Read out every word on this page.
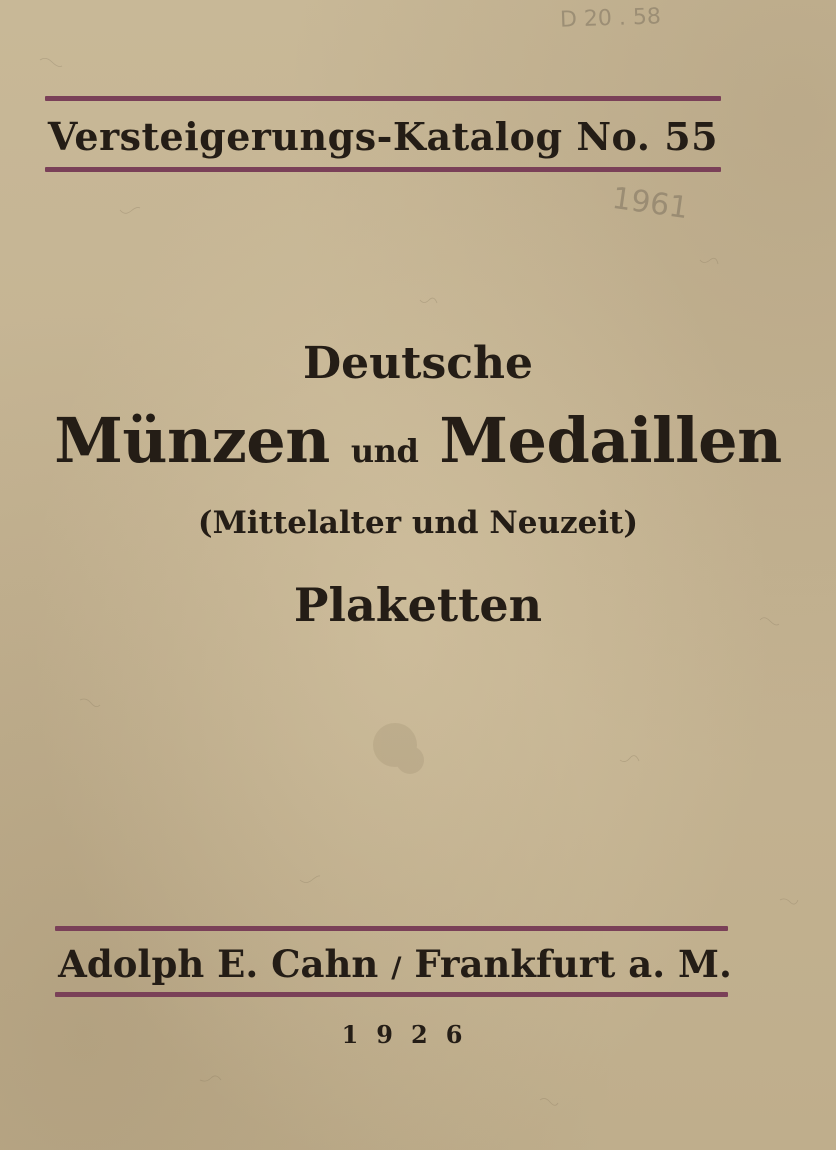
D 20 . 58
1961
Versteigerungs-Katalog No. 55
Deutsche
Münzen und Medaillen
(Mittelalter und Neuzeit)
Plaketten
Adolph E. Cahn / Frankfurt a. M.
1926
